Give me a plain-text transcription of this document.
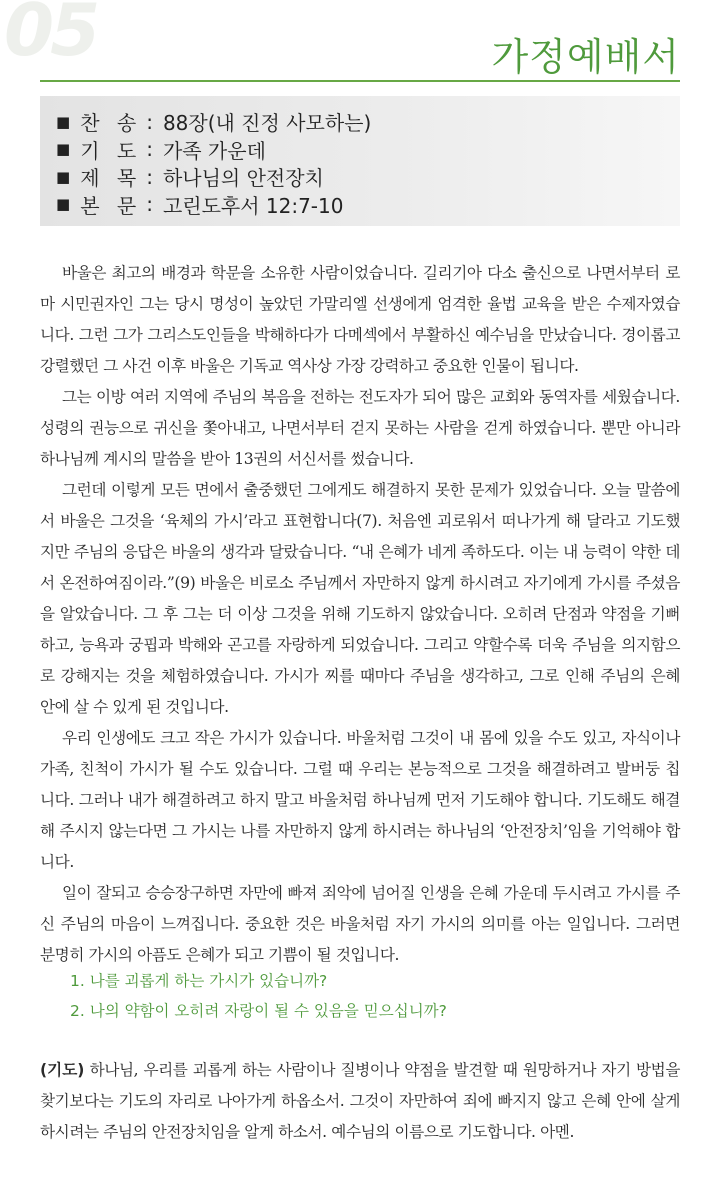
05	가정예배서
■ 찬 송 : 88장(내 진정 사모하는)
■ 기 도 : 가족 가운데
■ 제 목 : 하나님의 안전장치
■ 본 문 : 고린도후서 12:7-10

바울은 최고의 배경과 학문을 소유한 사람이었습니다. 길리기아 다소 출신으로 나면서부터 로마 시민권자인 그는 당시 명성이 높았던 가말리엘 선생에게 엄격한 율법 교육을 받은 수제자였습니다. 그런 그가 그리스도인들을 박해하다가 다메섹에서 부활하신 예수님을 만났습니다. 경이롭고 강렬했던 그 사건 이후 바울은 기독교 역사상 가장 강력하고 중요한 인물이 됩니다.

그는 이방 여러 지역에 주님의 복음을 전하는 전도자가 되어 많은 교회와 동역자를 세웠습니다. 성령의 권능으로 귀신을 쫓아내고, 나면서부터 걷지 못하는 사람을 걷게 하였습니다. 뿐만 아니라 하나님께 계시의 말씀을 받아 13권의 서신서를 썼습니다.

그런데 이렇게 모든 면에서 출중했던 그에게도 해결하지 못한 문제가 있었습니다. 오늘 말씀에서 바울은 그것을 ‘육체의 가시’라고 표현합니다(7). 처음엔 괴로워서 떠나가게 해 달라고 기도했지만 주님의 응답은 바울의 생각과 달랐습니다. “내 은혜가 네게 족하도다. 이는 내 능력이 약한 데서 온전하여짐이라.”(9) 바울은 비로소 주님께서 자만하지 않게 하시려고 자기에게 가시를 주셨음을 알았습니다. 그 후 그는 더 이상 그것을 위해 기도하지 않았습니다. 오히려 단점과 약점을 기뻐하고, 능욕과 궁핍과 박해와 곤고를 자랑하게 되었습니다. 그리고 약할수록 더욱 주님을 의지함으로 강해지는 것을 체험하였습니다. 가시가 찌를 때마다 주님을 생각하고, 그로 인해 주님의 은혜 안에 살 수 있게 된 것입니다.

우리 인생에도 크고 작은 가시가 있습니다. 바울처럼 그것이 내 몸에 있을 수도 있고, 자식이나 가족, 친척이 가시가 될 수도 있습니다. 그럴 때 우리는 본능적으로 그것을 해결하려고 발버둥 칩니다. 그러나 내가 해결하려고 하지 말고 바울처럼 하나님께 먼저 기도해야 합니다. 기도해도 해결해 주시지 않는다면 그 가시는 나를 자만하지 않게 하시려는 하나님의 ‘안전장치’임을 기억해야 합니다.

일이 잘되고 승승장구하면 자만에 빠져 죄악에 넘어질 인생을 은혜 가운데 두시려고 가시를 주신 주님의 마음이 느껴집니다. 중요한 것은 바울처럼 자기 가시의 의미를 아는 일입니다. 그러면 분명히 가시의 아픔도 은혜가 되고 기쁨이 될 것입니다.

1. 나를 괴롭게 하는 가시가 있습니까?
2. 나의 약함이 오히려 자랑이 될 수 있음을 믿으십니까?

(기도) 하나님, 우리를 괴롭게 하는 사람이나 질병이나 약점을 발견할 때 원망하거나 자기 방법을 찾기보다는 기도의 자리로 나아가게 하옵소서. 그것이 자만하여 죄에 빠지지 않고 은혜 안에 살게 하시려는 주님의 안전장치임을 알게 하소서. 예수님의 이름으로 기도합니다. 아멘.
